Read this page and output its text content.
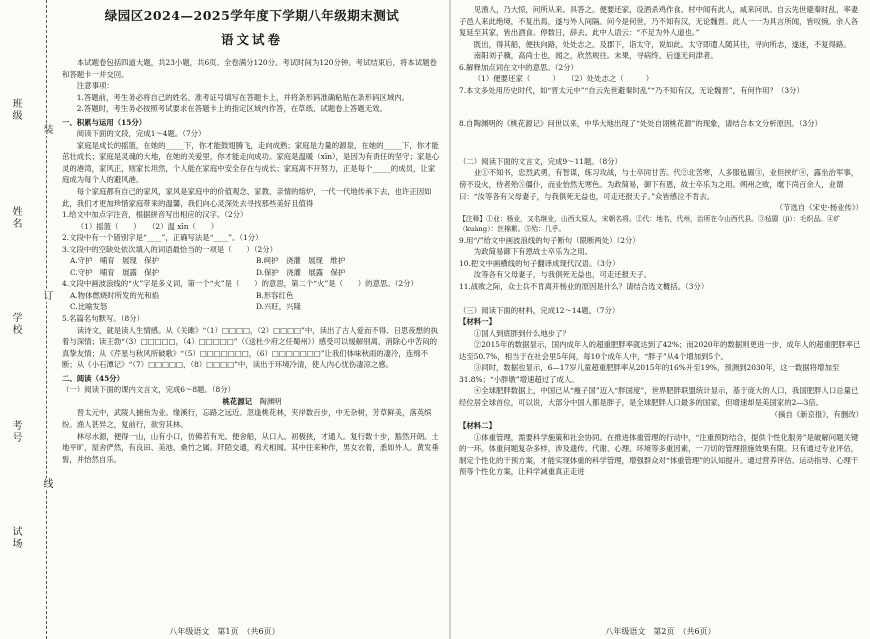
班级
姓名
学校
考号
试场
装
订
线
绿园区2024—2025学年度下学期八年级期末测试
语文试卷

本试题卷包括四道大题，共23小题，共6页。全卷满分120分。考试时间为120分钟。考试结束后，将本试题卷和答题卡一并交回。

注意事项：

1.答题前，考生务必将自己的姓名、准考证号填写在答题卡上，并将条形码准确粘贴在条形码区域内。

2.答题时，考生务必按照考试要求在答题卡上的指定区域内作答，在草纸、试题卷上答题无效。

一、积累与运用（15分）

阅读下面的文段，完成1～4题。（7分）

家庭是成长的摇篮，在她的_____下，你才能鼓翅腾飞，走向成熟；家庭是力量的源泉，在她的_____下，你才能茁壮成长；家庭是灵魂的大地，在她的关爱里，你才能走向成功。家庭是温暖（xīn），是因为有责任的坚守；家是心灵的港湾，家风正，则家长坦然，个人能在家庭中安全存在与成长；家庭离不开努力，正是每个_____的成员，让家庭成为每个人的避风港。

每个家庭都有自己的家风，家风是家庭中的价值观念、家教、亲情的熔炉，一代一代地传承下去，也许正因如此，我们才更加珍惜家庭带来的温馨，我们向心灵深处去寻找那些美好且值得

1.给文中加点字注音，根据拼音写出相应的汉字。（2分）

（1）摇篮（　　）　　（2）温 xīn（　　）

2.文段中有一个错别字是“____”，正确写法是“____”。（1分）

3.文段中的空缺处依次填入的词语最恰当的一项是（　　）（2分）

A.守护　哺育　展现　保护	B.呵护　浇灌　展现　维护
C.守护　哺育　展露　保护	D.保护　浇灌　展露　保护

4.文段中画波浪线的“火”字是多义词，第一个“火”是（　　）的意思，第二个“火”是（　　）的意思。（2分）

A.物体燃烧时所发的光和焰	B.形容红色
C.比喻发怒	D.兴旺，兴隆

5.名篇名句默写。（8分）

读诗文，就是读人生情感。从《关雎》“（1）□□□□，（2）□□□□”中，读出了古人爱而不得、日思夜想的执着与深情；读王勃“（3）□□□□□，（4）□□□□□”（《送杜少府之任蜀州》）感受可以缓解别离，消除心中苦闷的真挚友情；从《芹星与秋风所破歌》“（5）□□□□□□□，（6）□□□□□□□”让我们体味秋雨的凄冷，连绵不断；从《小石潭记》“（7）□□□□□，（8）□□□□”中，读出于环境冷清，使人内心忧伤凄凉之感。

二、阅读（45分）

（一）阅读下面的课内文言文，完成6～8题。（8分）

桃花源记　 陶渊明

晋太元中，武陵人捕鱼为业。缘溪行，忘路之远近。忽逢桃花林，夹岸数百步，中无杂树，芳草鲜美，落英缤纷。渔人甚异之，复前行，欲穷其林。

林尽水源，便得一山，山有小口，仿佛若有光。便舍船，从口入。初极狭，才通人。复行数十步，豁然开朗。土地平旷，屋舍俨然，有良田、美池、桑竹之属。阡陌交通，鸡犬相闻。其中往来种作，男女衣着，悉如外人。黄发垂髫，并怡然自乐。

八年级语文　第1页　（共6页）

见渔人，乃大惊，问所从来。具答之。便要还家，设酒杀鸡作食。村中闻有此人，咸来问讯。自云先世避秦时乱，率妻子邑人来此绝境，不复出焉，遂与外人间隔。问今是何世，乃不知有汉，无论魏晋。此人一一为具言所闻，皆叹惋。余人各复延至其家，皆出酒食。停数日，辞去。此中人语云：“不足为外人道也。”

既出，得其船，便扶向路，处处志之。及郡下，诣太守，说如此。太守即遣人随其往，寻向所志，遂迷，不复得路。

南阳刘子骥，高尚士也，闻之，欣然规往。未果，寻病终。后遂无问津者。

6.解释加点词在文中的意思。（2分）

（1）便要还家（　　　）　　（2）处处志之（　　　）

7.本文多处用历史时代，如“晋太元中”“自云先世避秦时乱”“乃不知有汉，无论魏晋”，有何作用？（3分）

8.自陶渊明的《桃花源记》问世以来，中华大地出现了“处处自诩桃花源”的现象，请结合本文分析原因。（3分）

（二）阅读下面的文言文，完成9～11题。（8分）

业①不知书，忠烈武勇，有智谋，练习攻战，与士卒同甘苦。代②北苦寒，人多服毡罽③，业但挟纩④，露坐治军事，傍不设火，侍者殆⑤僵仆，而业怡然无寒色。为政简易，御下有恩，故士卒乐为之用。朔州之败，麾下尚百余人，业谓曰：“汝等各有父母妻子，与我俱死无益也，可走还报天子。”众皆感泣不肯去。

（节选自《宋史·杨业传》）

【注释】①业：杨业，又名继业，山西太原人，宋朝名将。②代：地名，代州，治所在今山西代县。③毡罽（jì）：毛织品。④纩（kuàng）：丝棉絮。⑤殆：几乎。

9.用“/”给文中画波浪线的句子断句（限断两处）（2分）

为政简易御下有恩故士卒乐为之用。

10.把文中画横线的句子翻译成现代汉语。（3分）

汝等各有父母妻子，与我俱死无益也，可走还报天子。

11.战败之际，众士兵不肯离开杨业的原因是什么？请结合选文概括。（3分）

（三）阅读下面的材料，完成12～14题。（7分）

【材料一】

①国人到底胖到什么地步了？

②2015年的数据显示，国内成年人的超重肥胖率就达到了42%；而2020年的数据则更进一步，成年人的超重肥胖率已达至50.7%，相当于在社会里5年间，每10个成年人中，“胖子”从4个增加到5个。

③同时，数据也显示，6—17岁儿童超重肥胖率从2015年的16%升至19%，预测到2030年，这一数据将增加至31.8%；“小胖墩”增速超过了成人。

④全球肥胖数据上，中国已从“瘦子国”迈入“胖国度”，世界肥胖联盟统计显示，基于庞大的人口，我国肥胖人口总量已经位居全球首位，可以说，大部分中国人都是胖子，是全球肥胖人口最多的国家，但增速却是美国家的2—3倍。

（摘自《新京报》，有删改）

【材料二】

①体重管理，需要科学施策和社会协同。在推进体重管理的行动中，“注重预防结合，提供个性化服务”是破解问题关键的一环。体重问题复杂多样，涉及遗传、代谢、心理、环境等多重因素，一刀切的管理措施效果有限。只有通过专业评估，制定个性化的干预方案，才能实现体重的科学管理，增强群众对“体重管理”的认知提升。通过营养评估、运动指导、心理干预等个性化方案，让科学减重真正走进

八年级语文　第2页　（共6页）
